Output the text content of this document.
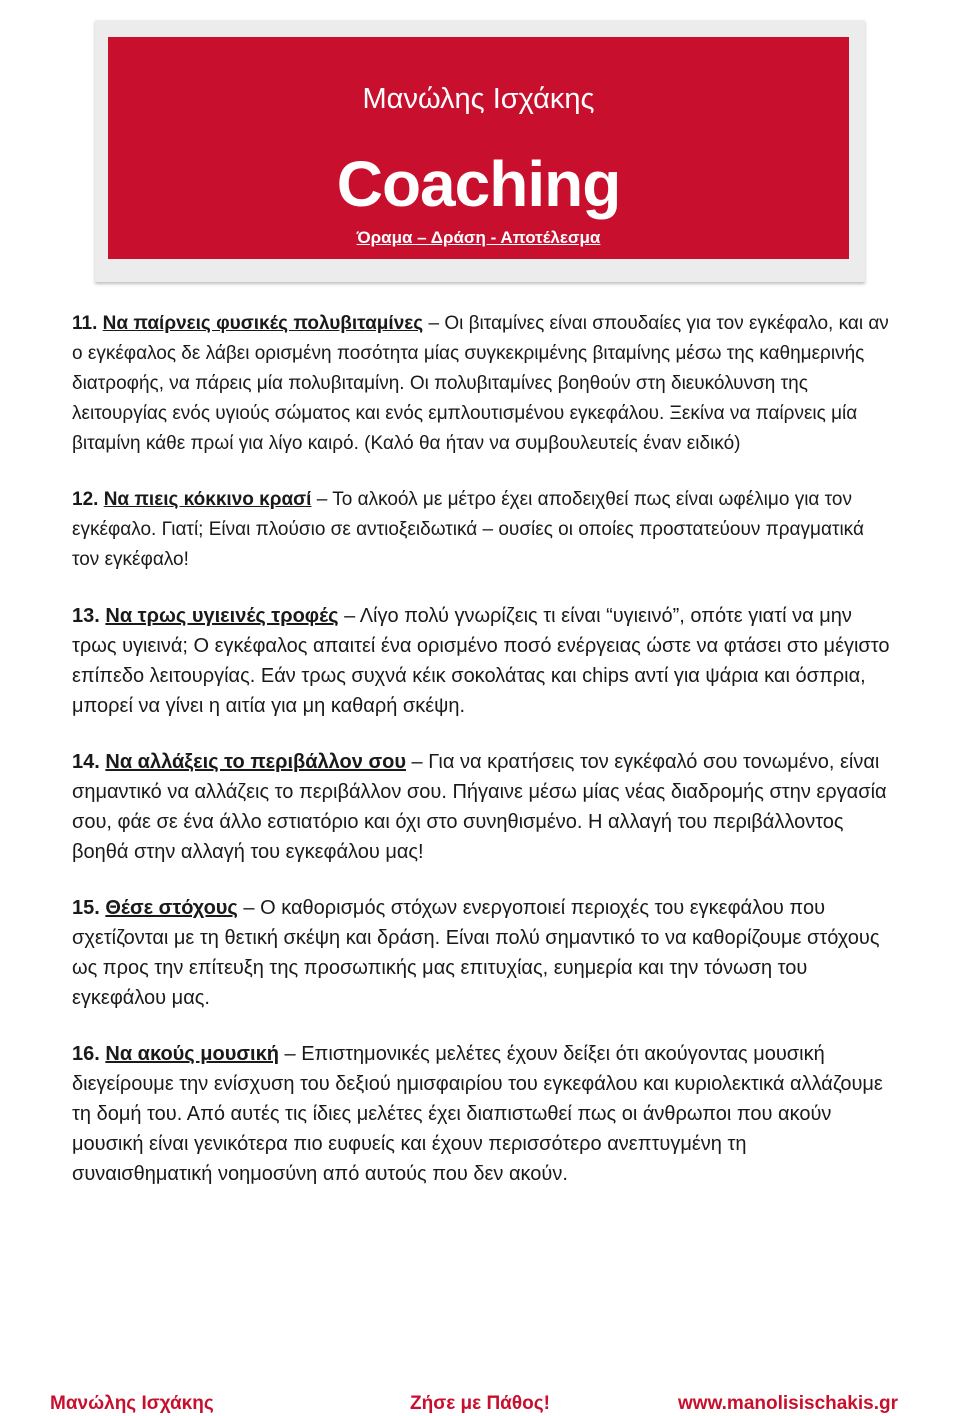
Μανώλης Ισχάκης
Coaching
Όραμα – Δράση - Αποτέλεσμα

11. Να παίρνεις φυσικές πολυβιταμίνες – Οι βιταμίνες είναι σπουδαίες για τον εγκέφαλο, και αν ο εγκέφαλος δε λάβει ορισμένη ποσότητα μίας συγκεκριμένης βιταμίνης μέσω της καθημερινής διατροφής, να πάρεις μία πολυβιταμίνη. Οι πολυβιταμίνες βοηθούν στη διευκόλυνση της λειτουργίας ενός υγιούς σώματος και ενός εμπλουτισμένου εγκεφάλου. Ξεκίνα να παίρνεις μία βιταμίνη κάθε πρωί για λίγο καιρό. (Καλό θα ήταν να συμβουλευτείς έναν ειδικό)

12. Να πιεις κόκκινο κρασί – Το αλκοόλ με μέτρο έχει αποδειχθεί πως είναι ωφέλιμο για τον εγκέφαλο. Γιατί; Είναι πλούσιο σε αντιοξειδωτικά – ουσίες οι οποίες προστατεύουν πραγματικά τον εγκέφαλο!

13. Να τρως υγιεινές τροφές – Λίγο πολύ γνωρίζεις τι είναι “υγιεινό”, οπότε γιατί να μην τρως υγιεινά; Ο εγκέφαλος απαιτεί ένα ορισμένο ποσό ενέργειας ώστε να φτάσει στο μέγιστο επίπεδο λειτουργίας. Εάν τρως συχνά κέικ σοκολάτας και chips αντί για ψάρια και όσπρια, μπορεί να γίνει η αιτία για μη καθαρή σκέψη.

14. Να αλλάξεις το περιβάλλον σου – Για να κρατήσεις τον εγκέφαλό σου τονωμένο, είναι σημαντικό να αλλάζεις το περιβάλλον σου. Πήγαινε μέσω μίας νέας διαδρομής στην εργασία σου, φάε σε ένα άλλο εστιατόριο και όχι στο συνηθισμένο. Η αλλαγή του περιβάλλοντος βοηθά στην αλλαγή του εγκεφάλου μας!

15. Θέσε στόχους – Ο καθορισμός στόχων ενεργοποιεί περιοχές του εγκεφάλου που σχετίζονται με τη θετική σκέψη και δράση. Είναι πολύ σημαντικό το να καθορίζουμε στόχους ως προς την επίτευξη της προσωπικής μας επιτυχίας, ευημερία και την τόνωση του εγκεφάλου μας.

16. Να ακούς μουσική – Επιστημονικές μελέτες έχουν δείξει ότι ακούγοντας μουσική διεγείρουμε την ενίσχυση του δεξιού ημισφαιρίου του εγκεφάλου και κυριολεκτικά αλλάζουμε τη δομή του. Από αυτές τις ίδιες μελέτες έχει διαπιστωθεί πως οι άνθρωποι που ακούν μουσική είναι γενικότερα πιο ευφυείς και έχουν περισσότερο ανεπτυγμένη τη συναισθηματική νοημοσύνη από αυτούς που δεν ακούν.

Μανώλης Ισχάκης	Ζήσε με Πάθος!	www.manolisischakis.gr
